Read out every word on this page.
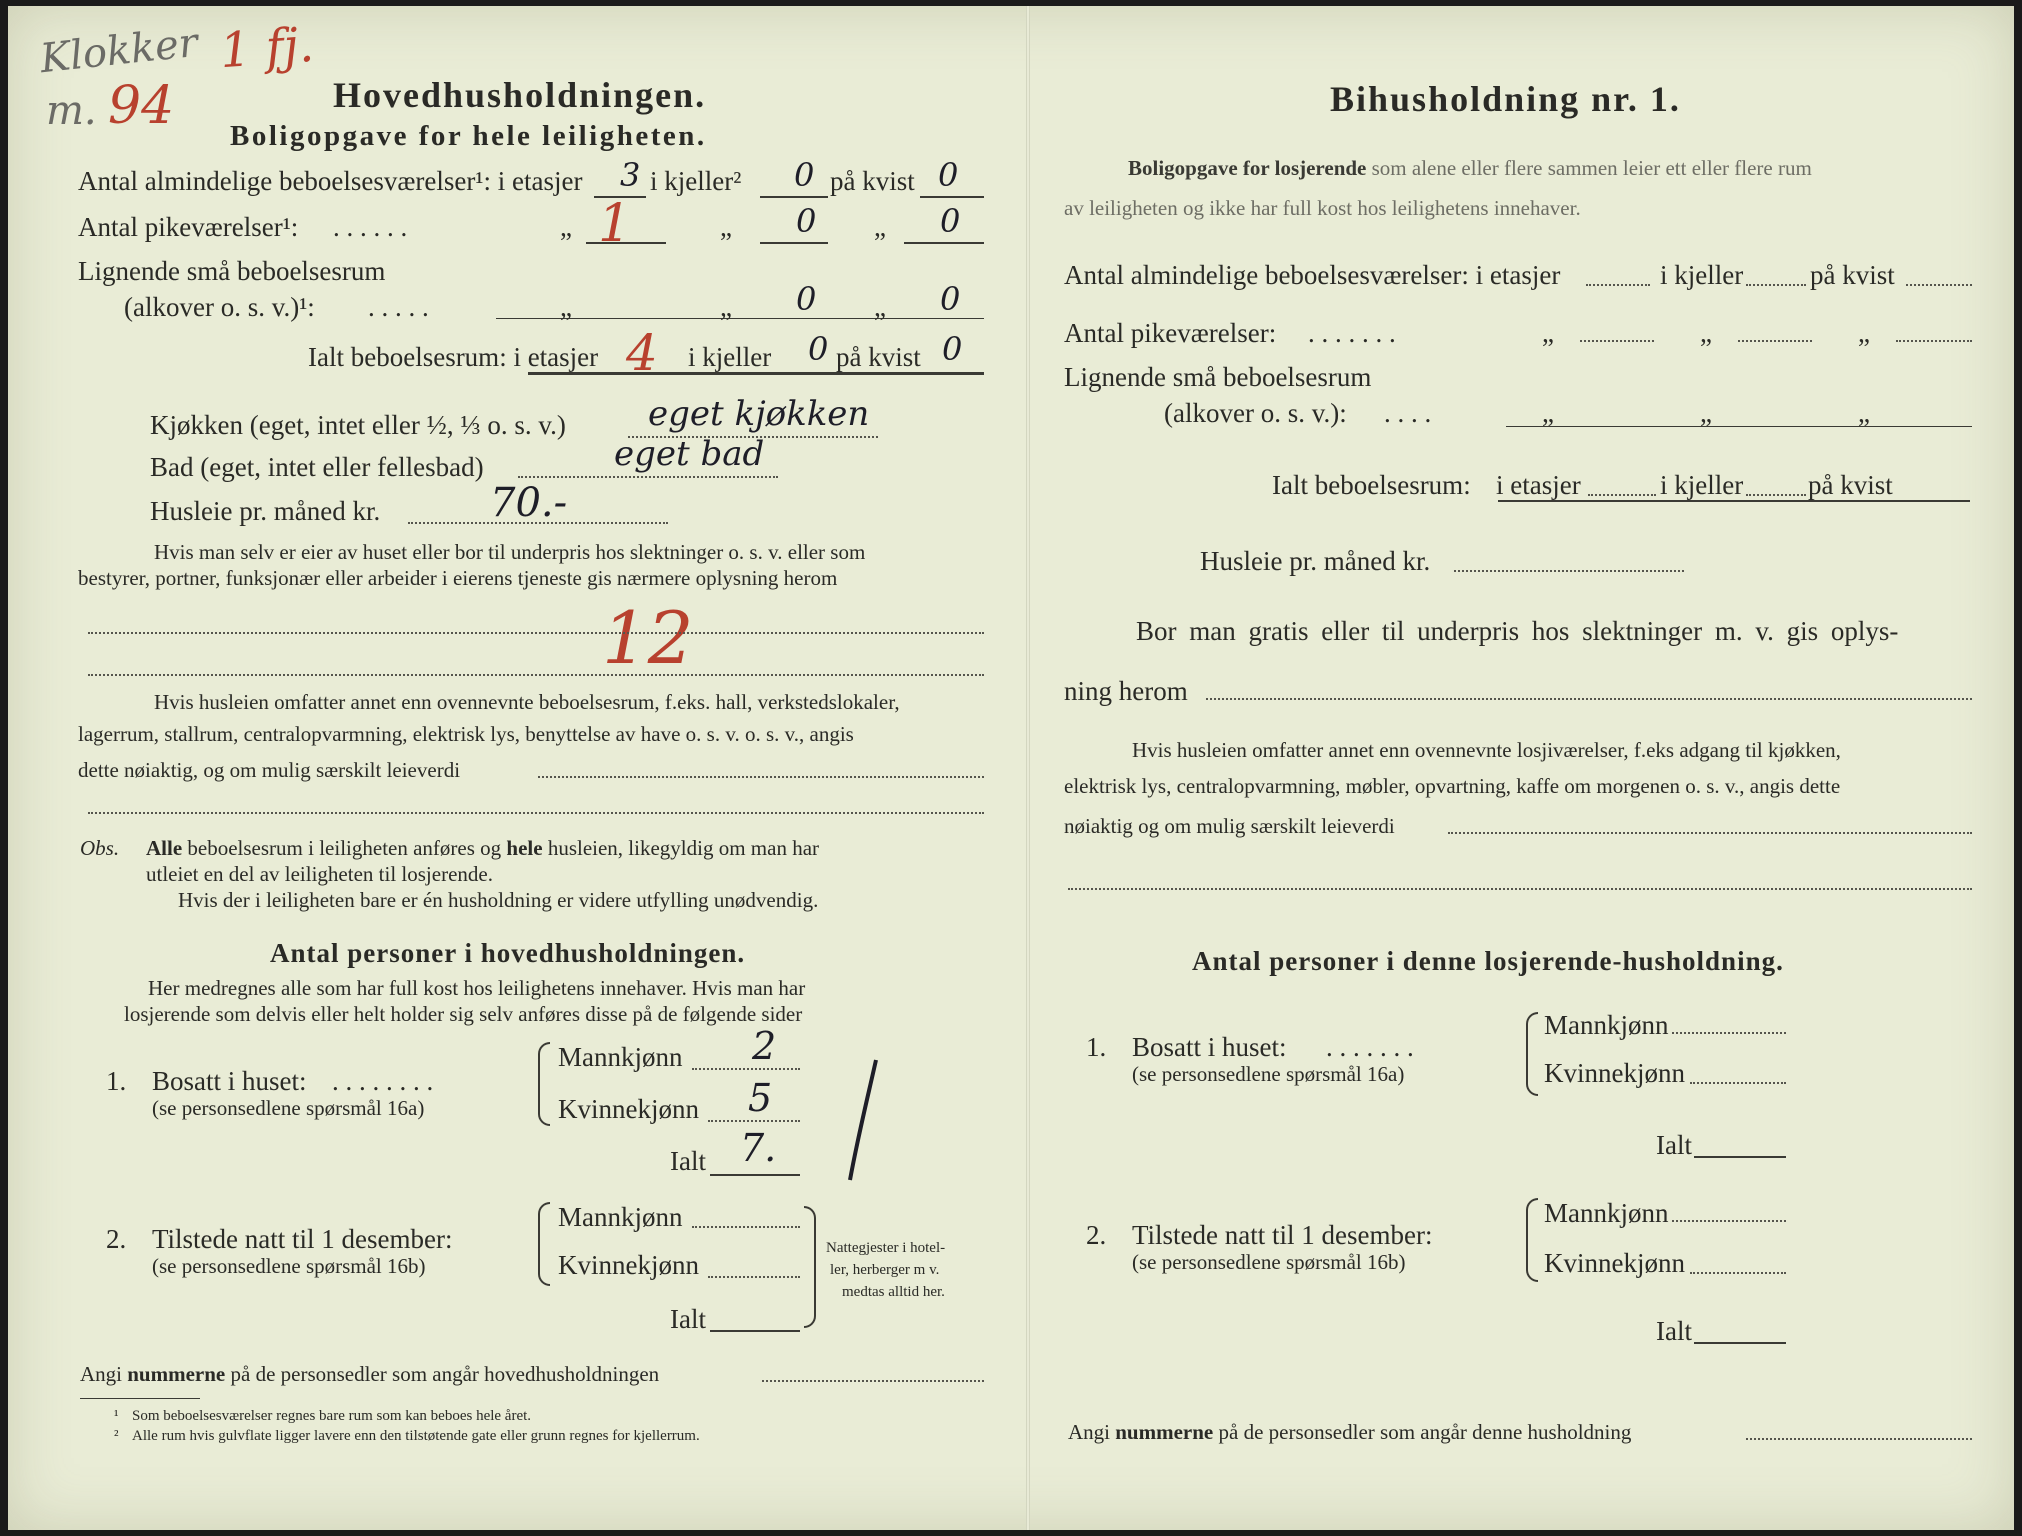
Klokker 1 fj.
m. 94	Hovedhusholdningen.
Boligopgave for hele leiligheten.
Antal almindelige beboelsesværelser¹: i etasjer 3 i kjeller² 0 på kvist 0
Antal pikeværelser¹: . . . . . .	„ 1	„ 0 „ 0
Lignende små beboelsesrum
(alkover o. s. v.)¹: . . . . .	„	„ 0 „ 0
Ialt beboelsesrum: i etasjer 4 i kjeller 0 på kvist 0
Kjøkken (eget, intet eller ½, ⅓ o. s. v.) eget kjøkken
Bad (eget, intet eller fellesbad)	eget bad
Husleie pr. måned kr.	70.-
Hvis man selv er eier av huset eller bor til underpris hos slektninger o. s. v. eller som
bestyrer, portner, funksjonær eller arbeider i eierens tjeneste gis nærmere oplysning herom
12
Hvis husleien omfatter annet enn ovennevnte beboelsesrum, f.eks. hall, verkstedslokaler,
lagerrum, stallrum, centralopvarmning, elektrisk lys, benyttelse av have o. s. v. o. s. v., angis
dette nøiaktig, og om mulig særskilt leieverdi
Obs. Alle beboelsesrum i leiligheten anføres og hele husleien, likegyldig om man har
utleiet en del av leiligheten til losjerende.
Hvis der i leiligheten bare er én husholdning er videre utfylling unødvendig.
Antal personer i hovedhusholdningen.
Her medregnes alle som har full kost hos leilighetens innehaver. Hvis man har
losjerende som delvis eller helt holder sig selv anføres disse på de følgende sider
1. Bosatt i huset: . . . . . . . .
(se personsedlene spørsmål 16a)
Mannkjønn 2
Kvinnekjønn 5
Ialt 7.
2. Tilstede natt til 1 desember:
(se personsedlene spørsmål 16b)
Mannkjønn
Kvinnekjønn
Ialt
Nattegjester i hotel-
ler, herberger m v.
medtas alltid her.
Angi nummerne på de personsedler som angår hovedhusholdningen
¹ Som beboelsesværelser regnes bare rum som kan beboes hele året.
² Alle rum hvis gulvflate ligger lavere enn den tilstøtende gate eller grunn regnes for kjellerrum.
Bihusholdning nr. 1.
Boligopgave for losjerende som alene eller flere sammen leier ett eller flere rum
av leiligheten og ikke har full kost hos leilighetens innehaver.
Antal almindelige beboelsesværelser: i etasjer	i kjeller på kvist
Antal pikeværelser: . . . . . . .	„	„	„
Lignende små beboelsesrum
(alkover o. s. v.): . . . .	„	„	„
Ialt beboelsesrum: i etasjer	i kjeller på kvist
Husleie pr. måned kr.
Bor man gratis eller til underpris hos slektninger m. v. gis oplys-
ning herom
Hvis husleien omfatter annet enn ovennevnte losjiværelser, f.eks adgang til kjøkken,
elektrisk lys, centralopvarmning, møbler, opvartning, kaffe om morgenen o. s. v., angis dette
nøiaktig og om mulig særskilt leieverdi
Antal personer i denne losjerende-husholdning.
1. Bosatt i huset: . . . . . . .
(se personsedlene spørsmål 16a)
Mannkjønn
Kvinnekjønn
Ialt
2. Tilstede natt til 1 desember:
(se personsedlene spørsmål 16b)
Mannkjønn
Kvinnekjønn
Ialt
Angi nummerne på de personsedler som angår denne husholdning
